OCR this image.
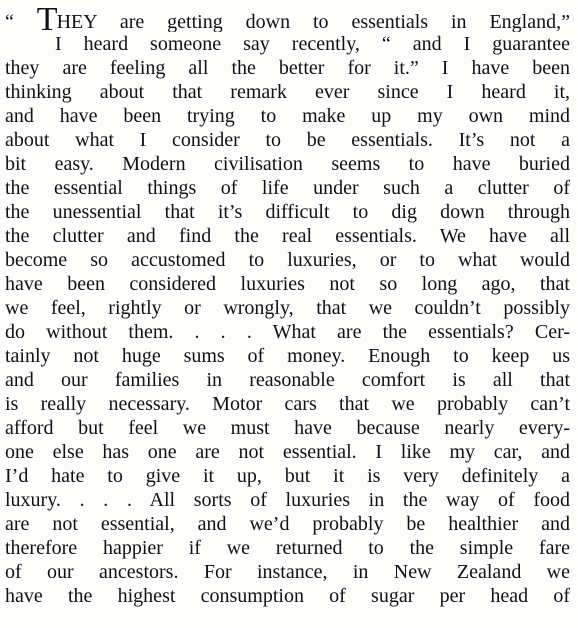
“ THEY are getting down to essentials in England,”
I heard someone say recently, “ and I guarantee
they are feeling all the better for it.” I have been
thinking about that remark ever since I heard it,
and have been trying to make up my own mind
about what I consider to be essentials. It’s not a
bit easy. Modern civilisation seems to have buried
the essential things of life under such a clutter of
the unessential that it’s difficult to dig down through
the clutter and find the real essentials. We have all
become so accustomed to luxuries, or to what would
have been considered luxuries not so long ago, that
we feel, rightly or wrongly, that we couldn’t possibly
do without them. . . . What are the essentials? Cer-
tainly not huge sums of money. Enough to keep us
and our families in reasonable comfort is all that
is really necessary. Motor cars that we probably can’t
afford but feel we must have because nearly every-
one else has one are not essential. I like my car, and
I’d hate to give it up, but it is very definitely a
luxury. . . . All sorts of luxuries in the way of food
are not essential, and we’d probably be healthier and
therefore happier if we returned to the simple fare
of our ancestors. For instance, in New Zealand we
have the highest consumption of sugar per head of
